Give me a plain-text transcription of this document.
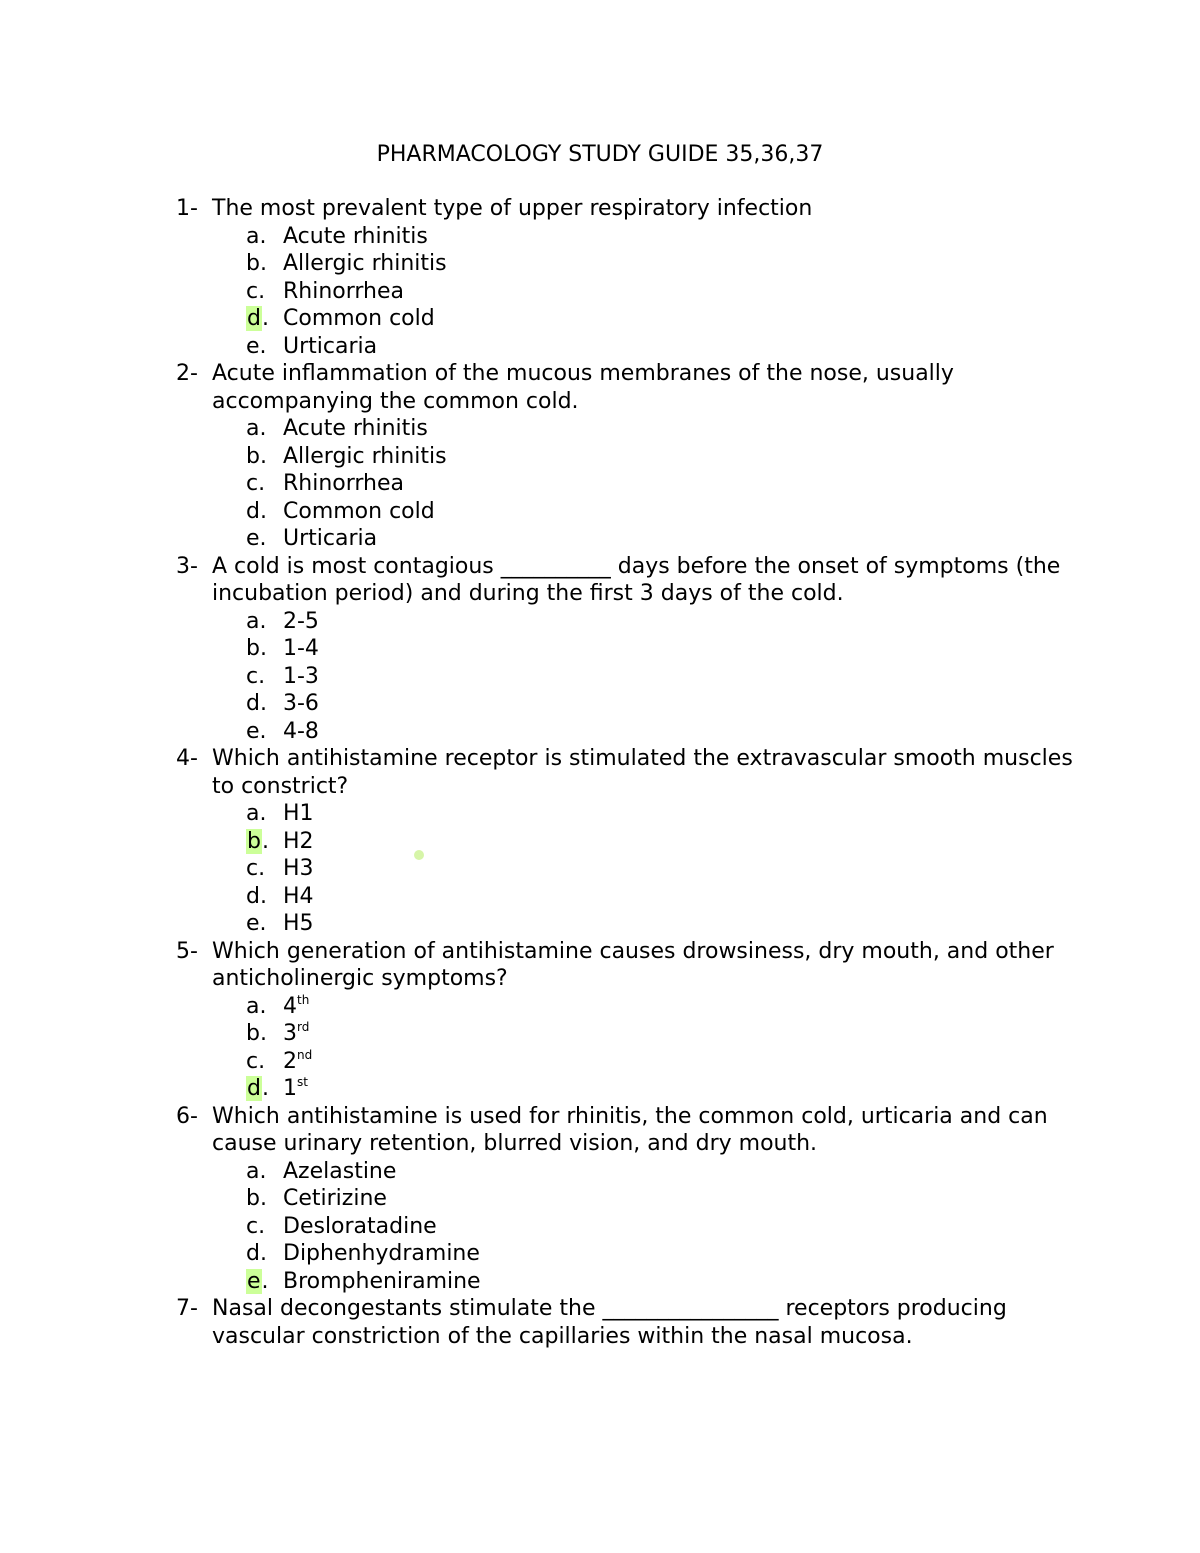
PHARMACOLOGY STUDY GUIDE 35,36,37
1- The most prevalent type of upper respiratory infection
a. Acute rhinitis
b. Allergic rhinitis
c. Rhinorrhea
d. Common cold
e. Urticaria
2- Acute inflammation of the mucous membranes of the nose, usually accompanying the common cold.
a. Acute rhinitis
b. Allergic rhinitis
c. Rhinorrhea
d. Common cold
e. Urticaria
3- A cold is most contagious __________ days before the onset of symptoms (the incubation period) and during the first 3 days of the cold.
a. 2-5
b. 1-4
c. 1-3
d. 3-6
e. 4-8
4- Which antihistamine receptor is stimulated the extravascular smooth muscles to constrict?
a. H1
b. H2
c. H3
d. H4
e. H5
5- Which generation of antihistamine causes drowsiness, dry mouth, and other anticholinergic symptoms?
a. 4th
b. 3rd
c. 2nd
d. 1st
6- Which antihistamine is used for rhinitis, the common cold, urticaria and can cause urinary retention, blurred vision, and dry mouth.
a. Azelastine
b. Cetirizine
c. Desloratadine
d. Diphenhydramine
e. Brompheniramine
7- Nasal decongestants stimulate the ________________ receptors producing vascular constriction of the capillaries within the nasal mucosa.
